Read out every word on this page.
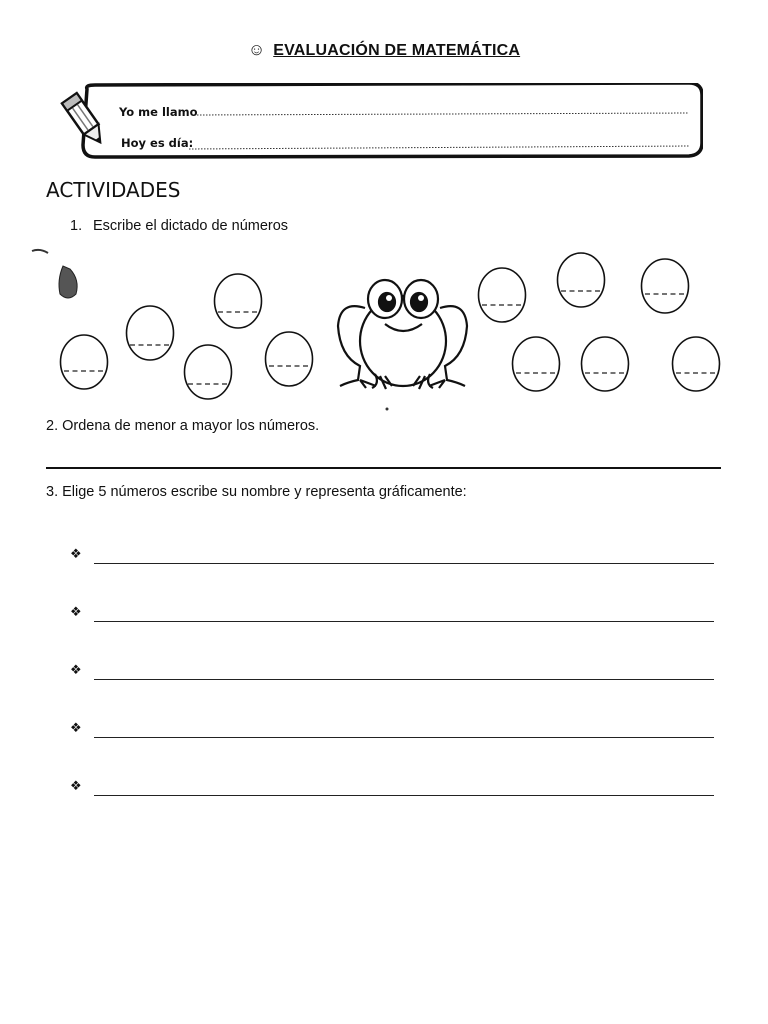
☺ EVALUACIÓN DE MATEMÁTICA
Yo me llamo
Hoy es día:
ACTIVIDADES
1. Escribe el dictado de números
2. Ordena de menor a mayor los números.
3. Elige 5 números escribe su nombre y representa gráficamente:
❖
❖
❖
❖
❖
